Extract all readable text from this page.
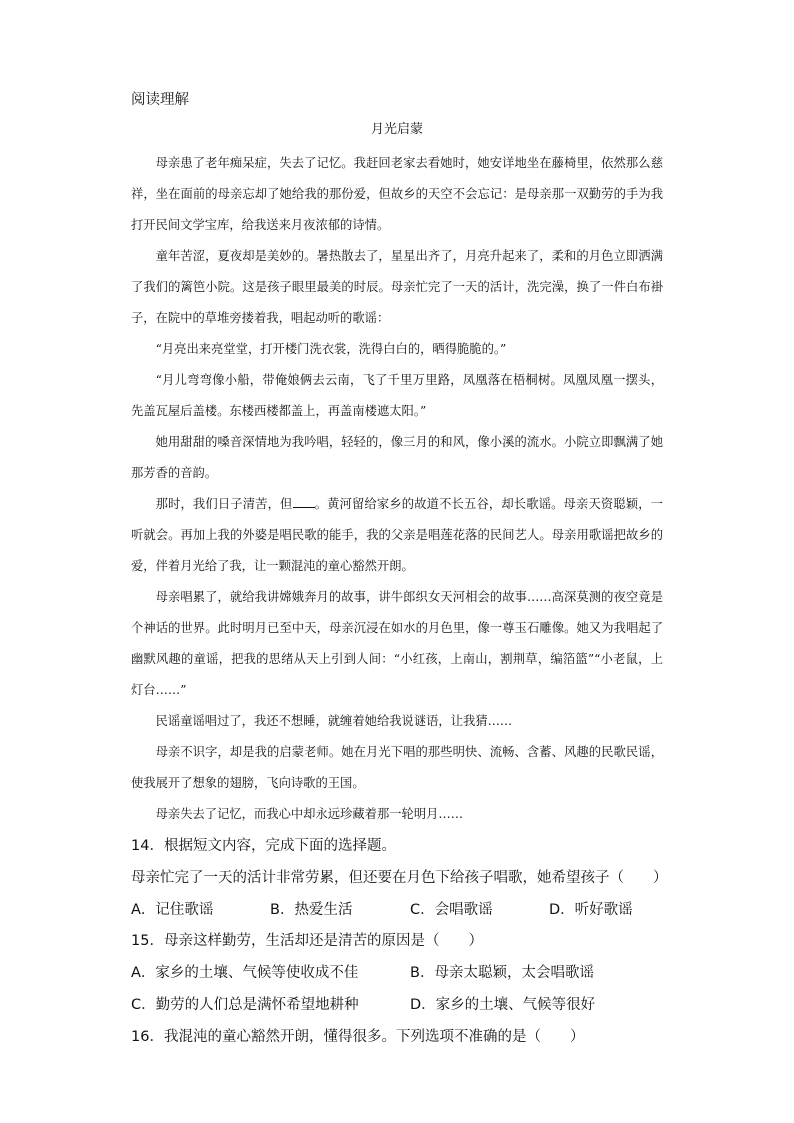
阅读理解
月光启蒙

母亲患了老年痴呆症，失去了记忆。我赶回老家去看她时，她安详地坐在藤椅里，依然那么慈祥，坐在面前的母亲忘却了她给我的那份爱，但故乡的天空不会忘记：是母亲那一双勤劳的手为我打开民间文学宝库，给我送来月夜浓郁的诗情。

童年苦涩，夏夜却是美妙的。暑热散去了，星星出齐了，月亮升起来了，柔和的月色立即洒满了我们的篱笆小院。这是孩子眼里最美的时辰。母亲忙完了一天的活计，洗完澡，换了一件白布褂子，在院中的草堆旁搂着我，唱起动听的歌谣：

“月亮出来亮堂堂，打开楼门洗衣裳，洗得白白的，晒得脆脆的。”

“月儿弯弯像小船，带俺娘俩去云南，飞了千里万里路，凤凰落在梧桐树。凤凰凤凰一摆头，先盖瓦屋后盖楼。东楼西楼都盖上，再盖南楼遮太阳。”

她用甜甜的嗓音深情地为我吟唱，轻轻的，像三月的和风，像小溪的流水。小院立即飘满了她那芳香的音韵。

那时，我们日子清苦，但 。黄河留给家乡的故道不长五谷，却长歌谣。母亲天资聪颖，一听就会。再加上我的外婆是唱民歌的能手，我的父亲是唱莲花落的民间艺人。母亲用歌谣把故乡的爱，伴着月光给了我，让一颗混沌的童心豁然开朗。

母亲唱累了，就给我讲嫦娥奔月的故事，讲牛郎织女天河相会的故事……高深莫测的夜空竟是个神话的世界。此时明月已至中天，母亲沉浸在如水的月色里，像一尊玉石雕像。她又为我唱起了幽默风趣的童谣，把我的思绪从天上引到人间：“小红孩，上南山，割荆草，编箔篮”“小老鼠，上灯台……”

民谣童谣唱过了，我还不想睡，就缠着她给我说谜语，让我猜……

母亲不识字，却是我的启蒙老师。她在月光下唱的那些明快、流畅、含蓄、风趣的民歌民谣，使我展开了想象的翅膀，飞向诗歌的王国。

母亲失去了记忆，而我心中却永远珍藏着那一轮明月……

14．根据短文内容，完成下面的选择题。
母亲忙完了一天的活计非常劳累，但还要在月色下给孩子唱歌，她希望孩子（　　）
A．记住歌谣	B．热爱生活	C．会唱歌谣	D．听好歌谣
15．母亲这样勤劳，生活却还是清苦的原因是（　　）
A．家乡的土壤、气候等使收成不佳	B．母亲太聪颖，太会唱歌谣
C．勤劳的人们总是满怀希望地耕种	D．家乡的土壤、气候等很好
16．我混沌的童心豁然开朗，懂得很多。下列选项不准确的是（　　）
